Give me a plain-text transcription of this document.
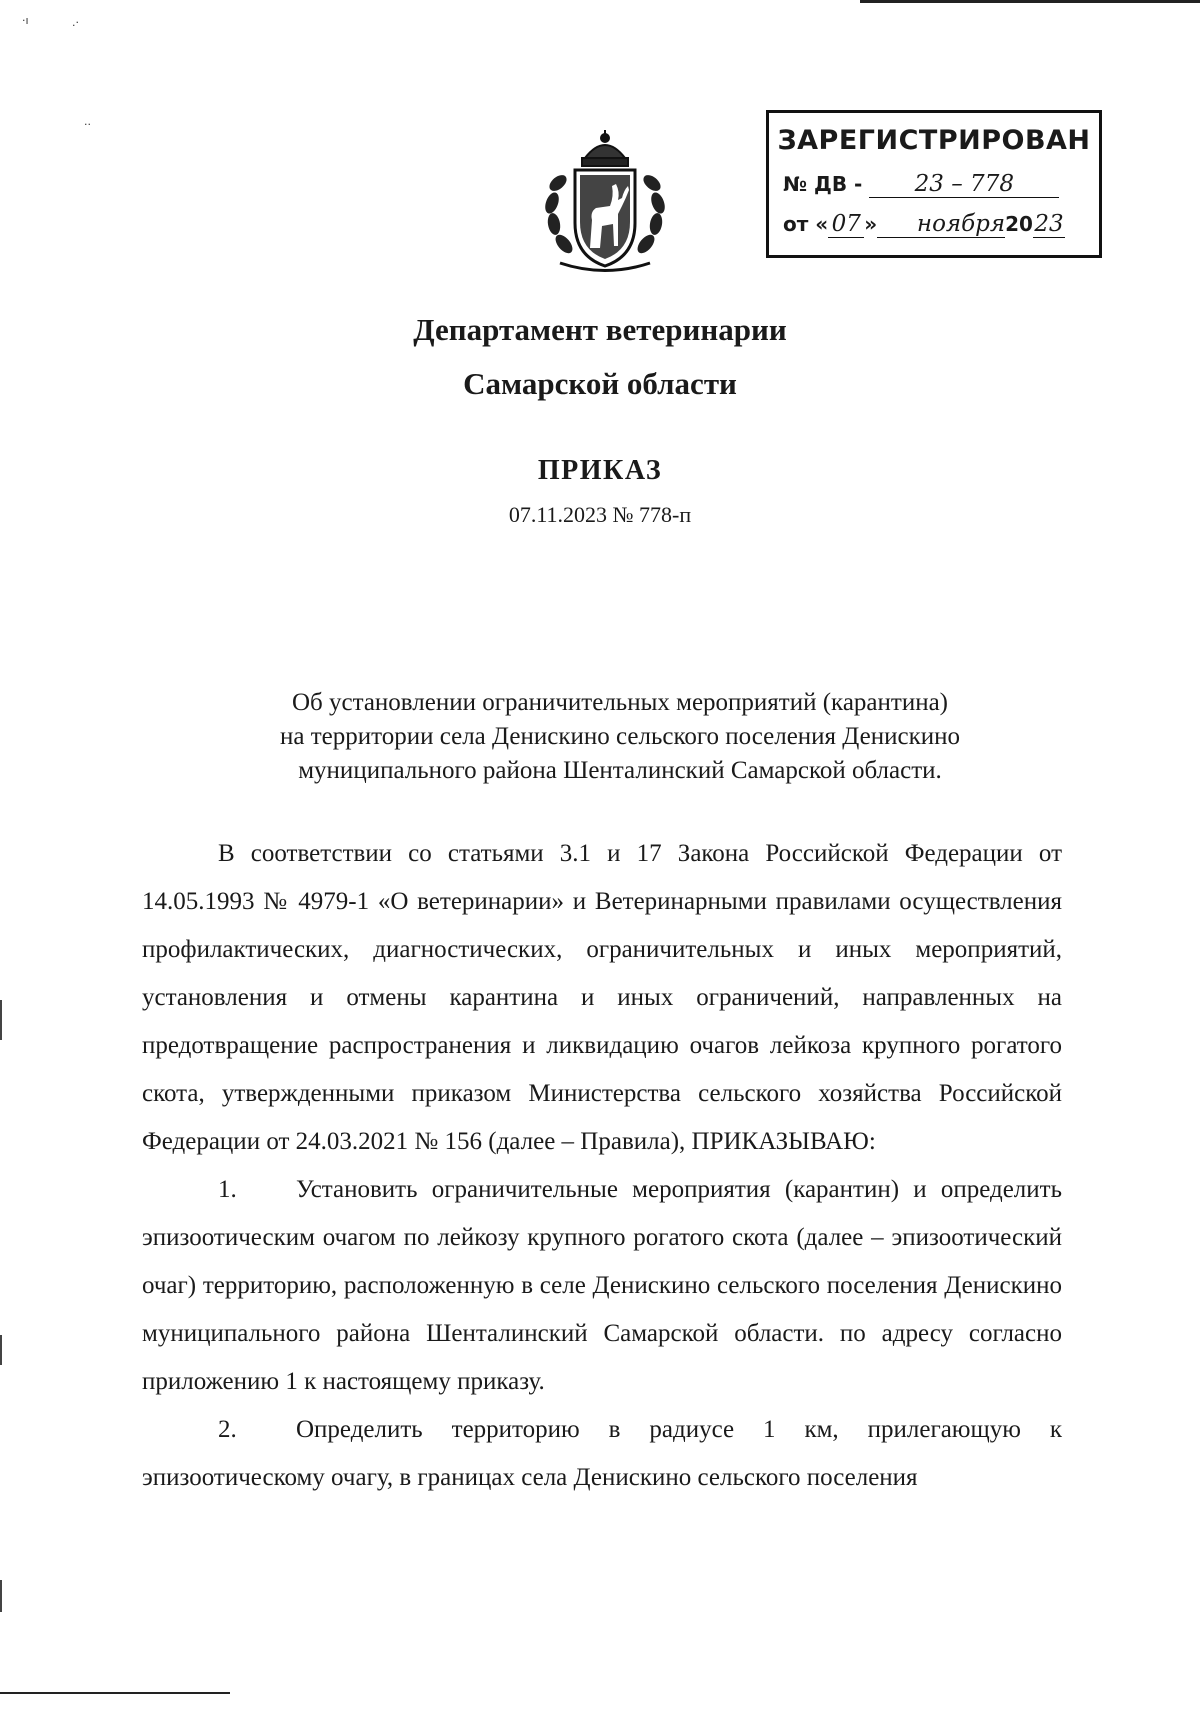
·ı	.·
··
ЗАРЕГИСТРИРОВАН
№ ДВ - 23 – 778
от « 07 » ноября2023
Департамент ветеринарии
Самарской области
ПРИКАЗ
07.11.2023 № 778-п
Об установлении ограничительных мероприятий (карантина)
на территории села Денискино сельского поселения Денискино
муниципального района Шенталинский Самарской области.

В соответствии со статьями 3.1 и 17 Закона Российской Федерации от 14.05.1993 № 4979-1 «О ветеринарии» и Ветеринарными правилами осуществления профилактических, диагностических, ограничительных и иных мероприятий, установления и отмены карантина и иных ограничений, направленных на предотвращение распространения и ликвидацию очагов лейкоза крупного рогатого скота, утвержденными приказом Министерства сельского хозяйства Российской Федерации от 24.03.2021 № 156 (далее – Правила), ПРИКАЗЫВАЮ:

1. Установить ограничительные мероприятия (карантин) и определить эпизоотическим очагом по лейкозу крупного рогатого скота (далее – эпизоотический очаг) территорию, расположенную в селе Денискино сельского поселения Денискино муниципального района Шенталинский Самарской области. по адресу согласно приложению 1 к настоящему приказу.

2. Определить территорию в радиусе 1 км, прилегающую к эпизоотическому очагу, в границах села Денискино сельского поселения
